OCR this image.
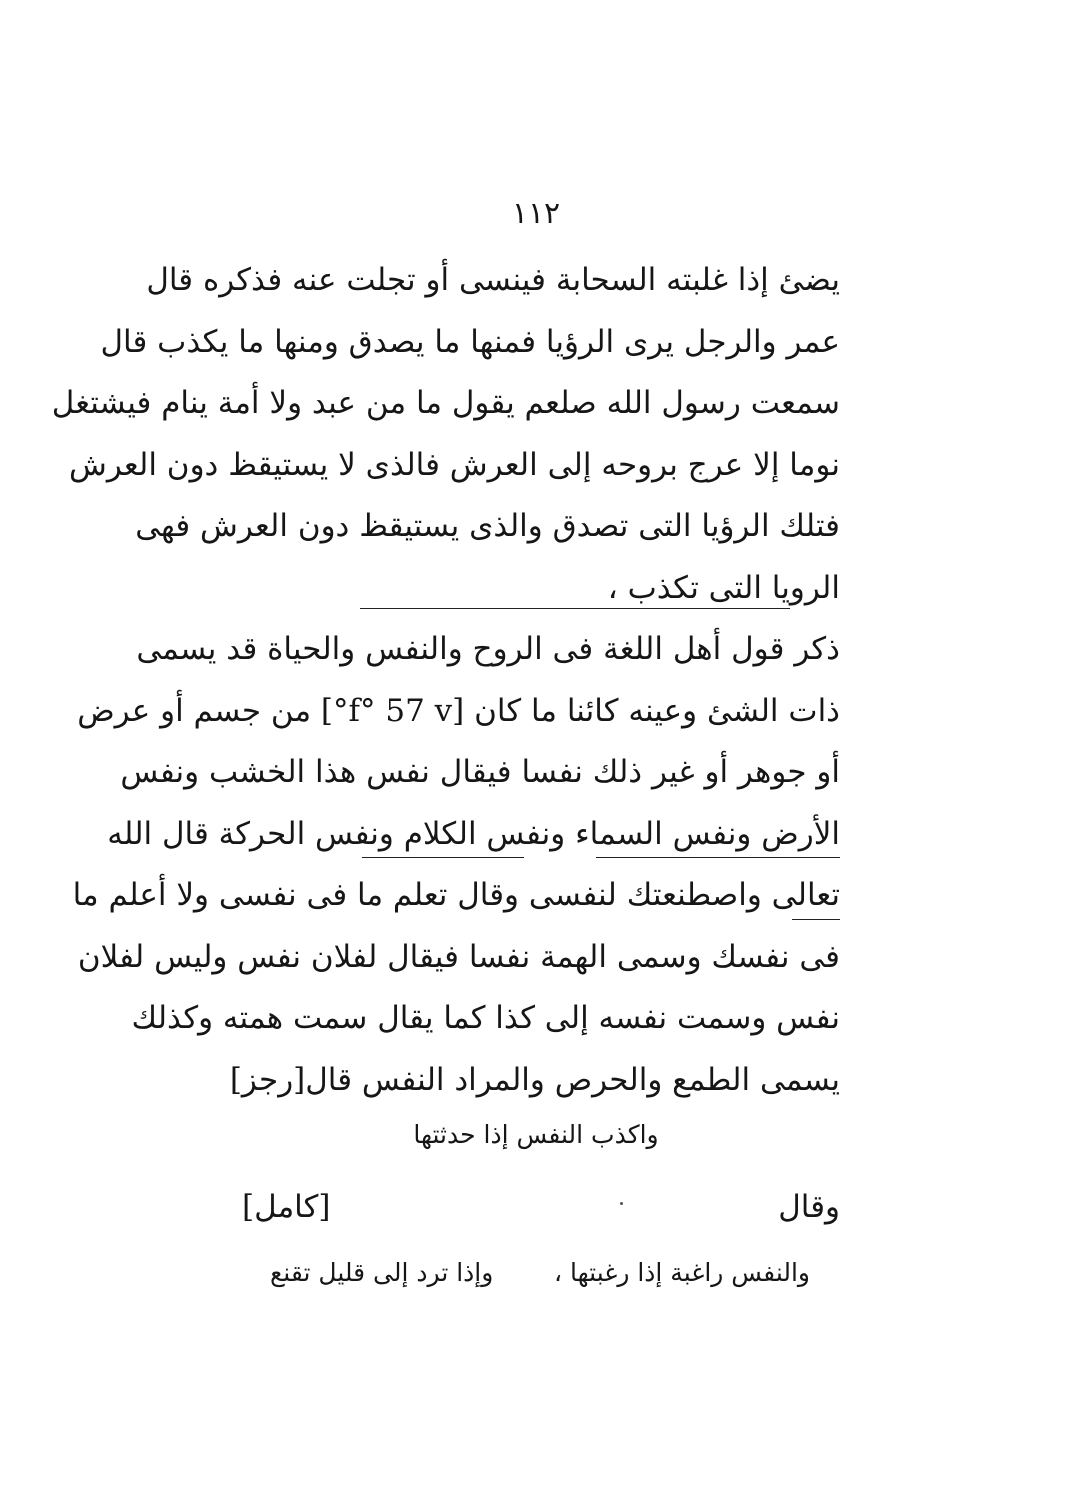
١١٢
يضئ إذا غلبته السحابة فينسى أو تجلت عنه فذكره قال
عمر والرجل يرى الرؤيا فمنها ما يصدق ومنها ما يكذب قال
سمعت رسول الله صلعم يقول ما من عبد ولا أمة ينام فيشتغل
نوما إلا عرج بروحه إلى العرش فالذى لا يستيقظ دون العرش
فتلك الرؤيا التى تصدق والذى يستيقظ دون العرش فهى
الرويا التى تكذب ،
ذكر قول أهل اللغة فى الروح والنفس والحياة قد يسمى
ذات الشئ وعينه كائنا ما كان [f° 57 v°] من جسم أو عرض
أو جوهر أو غير ذلك نفسا فيقال نفس هذا الخشب ونفس
الأرض ونفس السماء ونفس الكلام ونفس الحركة قال الله
تعالى واصطنعتك لنفسى وقال تعلم ما فى نفسى ولا أعلم ما
فى نفسك وسمى الهمة نفسا فيقال لفلان نفس وليس لفلان
نفس وسمت نفسه إلى كذا كما يقال سمت همته وكذلك
يسمى الطمع والحرص والمراد النفس قال
[رجز]
واكذب النفس إذا حدثتها
وقال
[كامل]
والنفس راغبة إذا رغبتها ،
وإذا ترد إلى قليل تقنع
